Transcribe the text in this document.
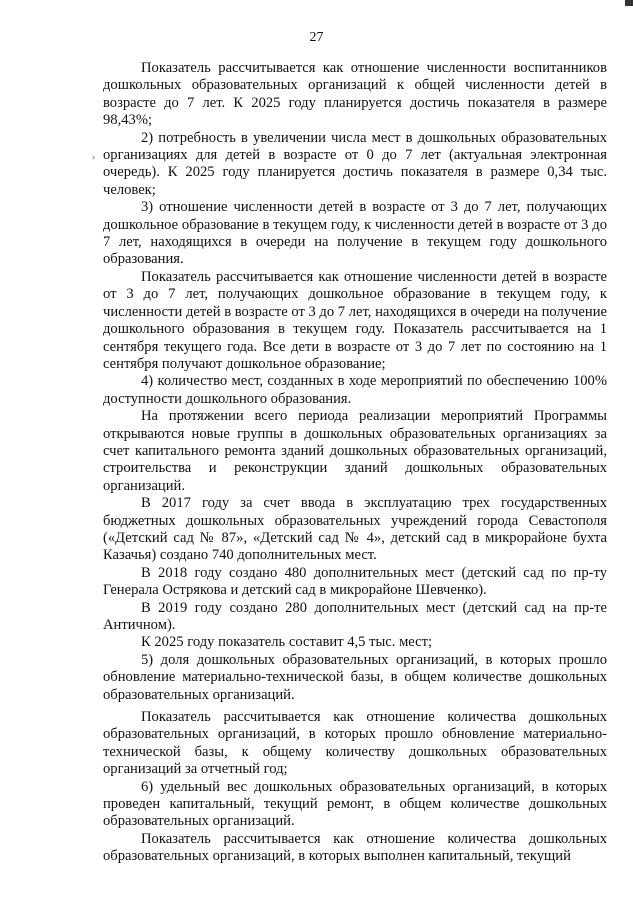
›
27

Показатель рассчитывается как отношение численности воспитанников дошкольных образовательных организаций к общей численности детей в возрасте до 7 лет. К 2025 году планируется достичь показателя в размере 98,43%;

2) потребность в увеличении числа мест в дошкольных образовательных организациях для детей в возрасте от 0 до 7 лет (актуальная электронная очередь). К 2025 году планируется достичь показателя в размере 0,34 тыс. человек;

3) отношение численности детей в возрасте от 3 до 7 лет, получающих дошкольное образование в текущем году, к численности детей в возрасте от 3 до 7 лет, находящихся в очереди на получение в текущем году дошкольного образования.

Показатель рассчитывается как отношение численности детей в возрасте от 3 до 7 лет, получающих дошкольное образование в текущем году, к численности детей в возрасте от 3 до 7 лет, находящихся в очереди на получение дошкольного образования в текущем году. Показатель рассчитывается на 1 сентября текущего года. Все дети в возрасте от 3 до 7 лет по состоянию на 1 сентября получают дошкольное образование;

4) количество мест, созданных в ходе мероприятий по обеспечению 100% доступности дошкольного образования.

На протяжении всего периода реализации мероприятий Программы открываются новые группы в дошкольных образовательных организациях за счет капитального ремонта зданий дошкольных образовательных организаций, строительства и реконструкции зданий дошкольных образовательных организаций.

В 2017 году за счет ввода в эксплуатацию трех государственных бюджетных дошкольных образовательных учреждений города Севастополя («Детский сад № 87», «Детский сад № 4», детский сад в микрорайоне бухта Казачья) создано 740 дополнительных мест.

В 2018 году создано 480 дополнительных мест (детский сад по пр-ту Генерала Острякова и детский сад в микрорайоне Шевченко).

В 2019 году создано 280 дополнительных мест (детский сад на пр-те Античном).

К 2025 году показатель составит 4,5 тыс. мест;

5) доля дошкольных образовательных организаций, в которых прошло обновление материально-технической базы, в общем количестве дошкольных образовательных организаций.

Показатель рассчитывается как отношение количества дошкольных образовательных организаций, в которых прошло обновление материально-технической базы, к общему количеству дошкольных образовательных организаций за отчетный год;

6) удельный вес дошкольных образовательных организаций, в которых проведен капитальный, текущий ремонт, в общем количестве дошкольных образовательных организаций.

Показатель рассчитывается как отношение количества дошкольных образовательных организаций, в которых выполнен капитальный, текущий
